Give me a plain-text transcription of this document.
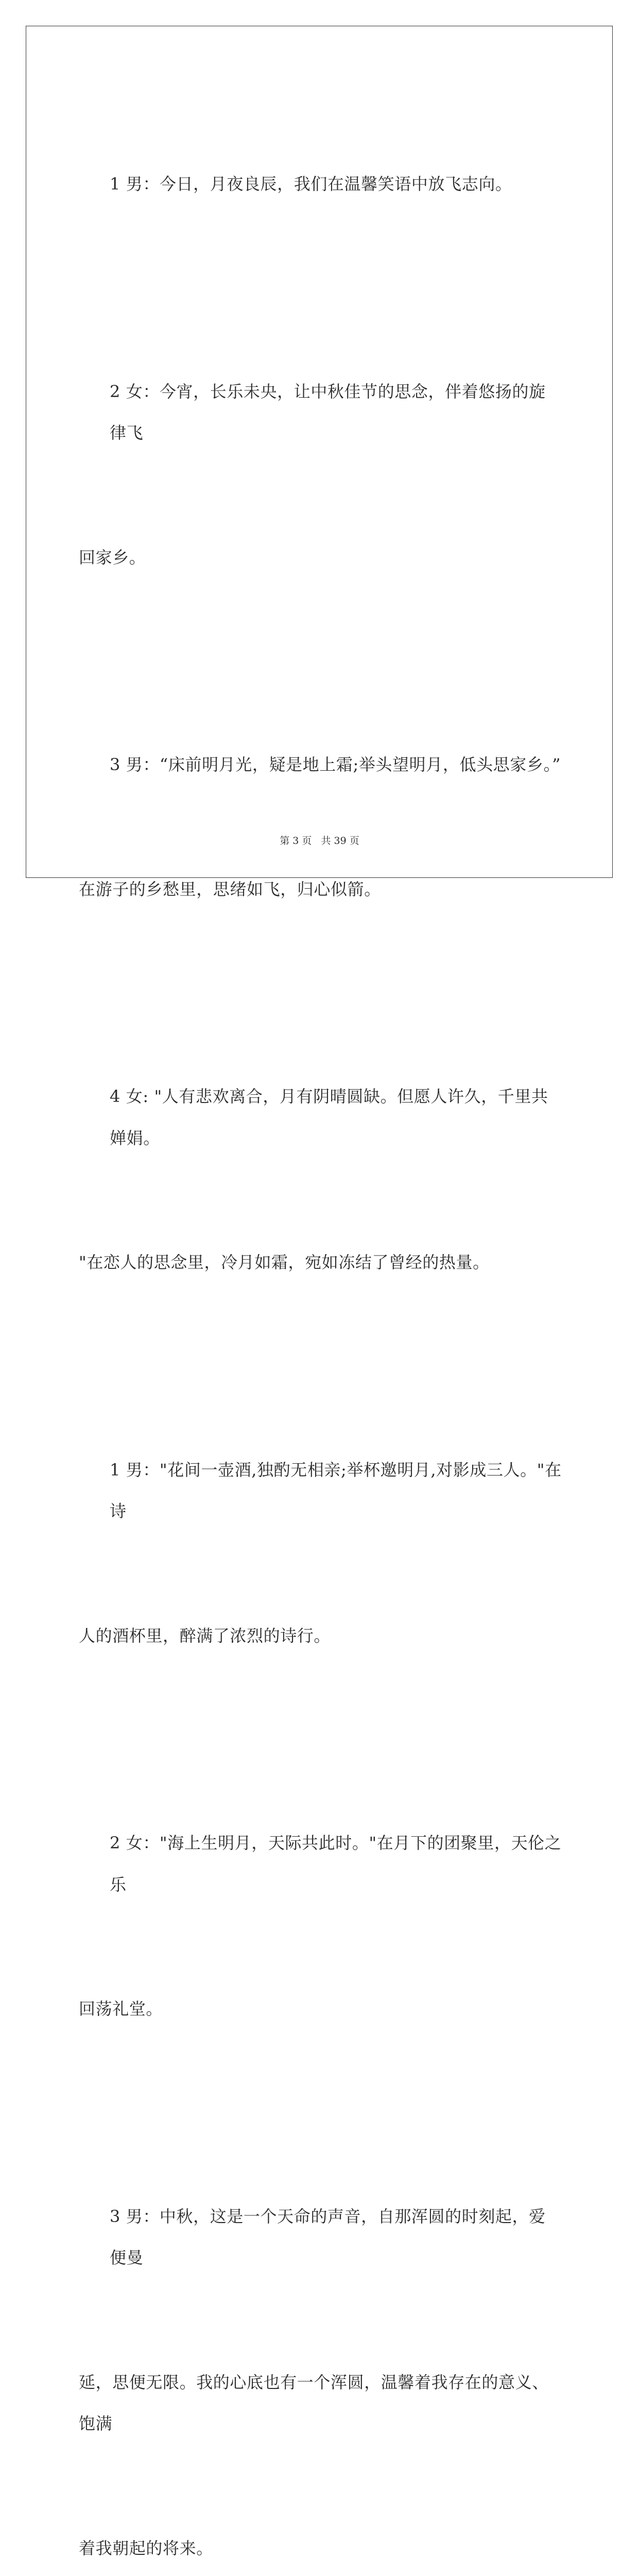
1 男：今日，月夜良辰，我们在温馨笑语中放飞志向。

2 女：今宵，长乐未央，让中秋佳节的思念，伴着悠扬的旋律飞

回家乡。

3 男：“床前明月光，疑是地上霜;举头望明月，低头思家乡。”

在游子的乡愁里，思绪如飞，归心似箭。

4 女: "人有悲欢离合，月有阴晴圆缺。但愿人许久，千里共婵娟。

"在恋人的思念里，冷月如霜，宛如冻结了曾经的热量。

1 男："花间一壶酒,独酌无相亲;举杯邀明月,对影成三人。"在诗

人的酒杯里，醉满了浓烈的诗行。

2 女："海上生明月，天际共此时。"在月下的团聚里，天伦之乐

回荡礼堂。

3 男：中秋，这是一个天命的声音，自那浑圆的时刻起，爱便曼

延，思便无限。我的心底也有一个浑圆，温馨着我存在的意义、饱满

着我朝起的将来。

第 3 页 共 39 页
